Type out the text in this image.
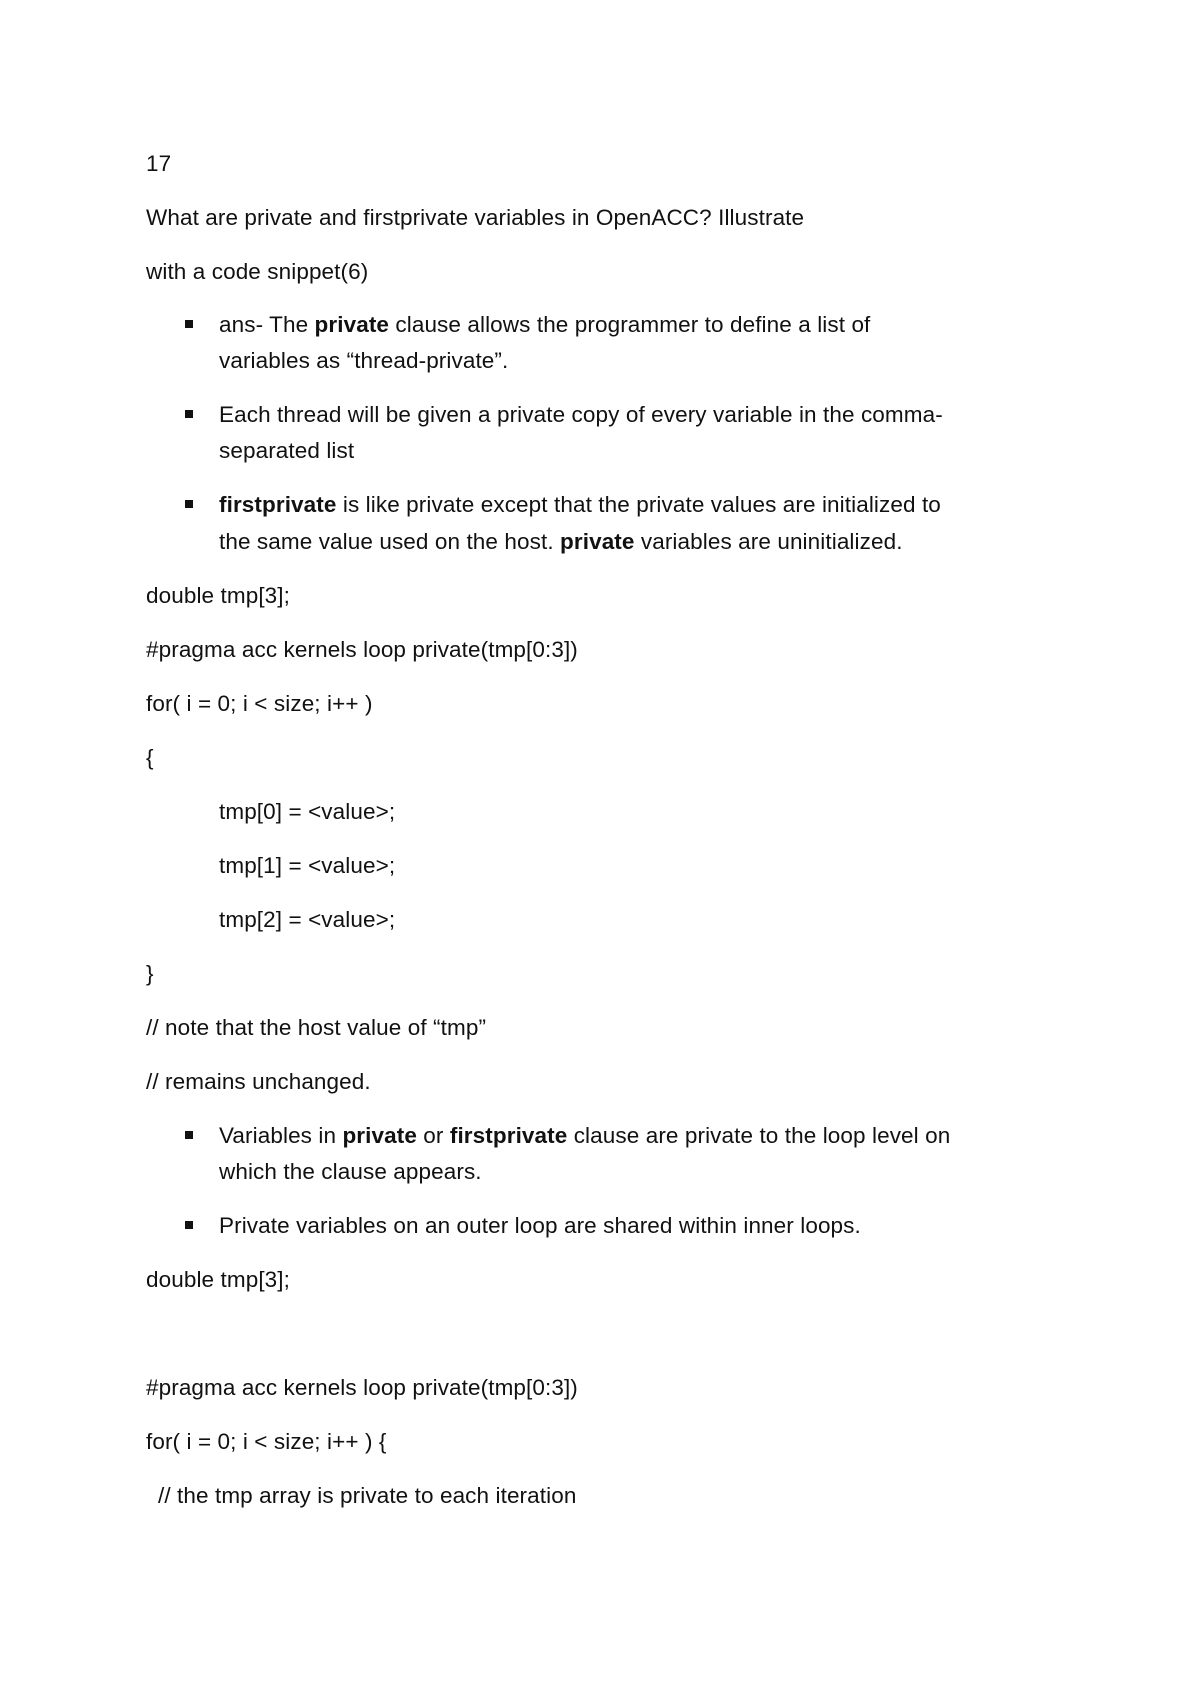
17
What are private and firstprivate variables in OpenACC? Illustrate
with a code snippet(6)
ans- The private clause allows the programmer to define a list of
variables as “thread-private”.
Each thread will be given a private copy of every variable in the comma-
separated list
firstprivate is like private except that the private values are initialized to
the same value used on the host. private variables are uninitialized.
double tmp[3];
#pragma acc kernels loop private(tmp[0:3])
for( i = 0; i < size; i++ )
{
tmp[0] = <value>;
tmp[1] = <value>;
tmp[2] = <value>;
}
// note that the host value of “tmp”
// remains unchanged.
Variables in private or firstprivate clause are private to the loop level on
which the clause appears.
Private variables on an outer loop are shared within inner loops.
double tmp[3];
#pragma acc kernels loop private(tmp[0:3])
for( i = 0; i < size; i++ ) {
// the tmp array is private to each iteration
